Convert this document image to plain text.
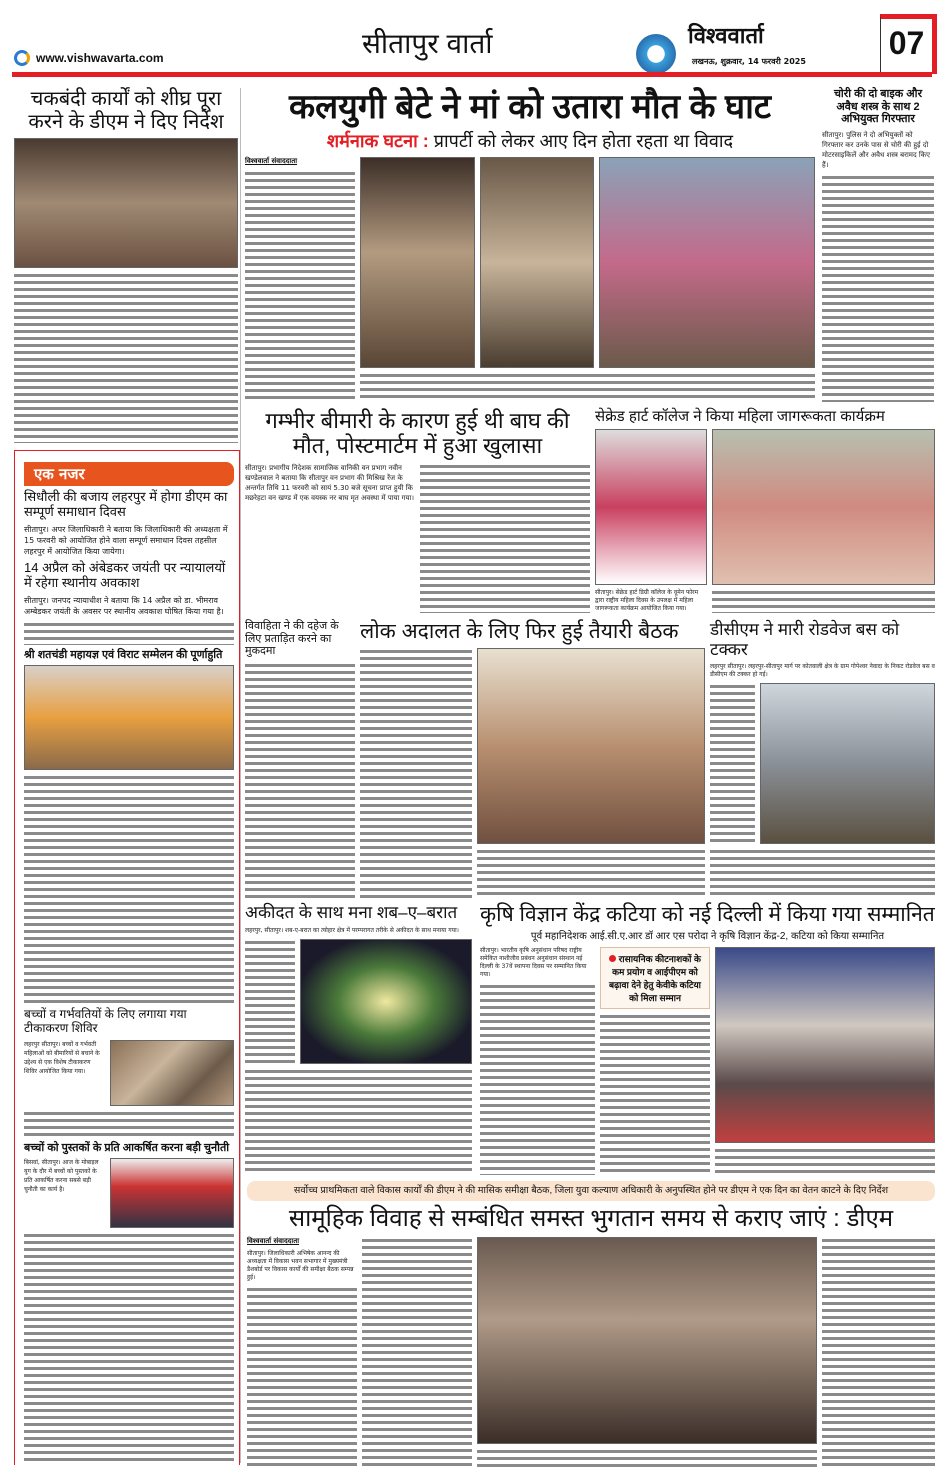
www.vishwavarta.com	सीतापुर वार्ता	विश्ववार्ता
लखनऊ, शुक्रवार, 14 फरवरी 2025
07
चकबंदी कार्यों को शीघ्र पूरा करने के डीएम ने दिए निर्देश	कलयुगी बेटे ने मां को उतारा मौत के घाट
शर्मनाक घटना : प्रापर्टी को लेकर आए दिन होता रहता था विवाद
विश्ववार्ता संवाददाता
चोरी की दो बाइक और अवैध शस्त्र के साथ 2 अभियुक्त गिरफ्तार
सीतापुर। पुलिस ने दो अभियुक्तों को गिरफ्तार कर उनके पास से चोरी की हुई दो मोटरसाइकिलें और अवैध शस्त्र बरामद किए हैं।
एक नजर
सिधौली की बजाय लहरपुर में होगा डीएम का सम्पूर्ण समाधान दिवस
सीतापुर। अपर जिलाधिकारी ने बताया कि जिलाधिकारी की अध्यक्षता में 15 फरवरी को आयोजित होने वाला सम्पूर्ण समाधान दिवस तहसील लहरपुर में आयोजित किया जायेगा।
14 अप्रैल को अंबेडकर जयंती पर न्यायालयों में रहेगा स्थानीय अवकाश
सीतापुर। जनपद न्यायाधीश ने बताया कि 14 अप्रैल को डा. भीमराव अम्बेडकर जयंती के अवसर पर स्थानीय अवकाश घोषित किया गया है।
श्री शतचंडी महायज्ञ एवं विराट सम्मेलन की पूर्णाहुति
बच्चों व गर्भवतियों के लिए लगाया गया टीकाकरण शिविर
लहरपुर सीतापुर। बच्चों व गर्भवती महिलाओं को बीमारियों से बचाने के उद्देश्य से एक विशेष टीकाकरण शिविर आयोजित किया गया।
बच्चों को पुस्तकों के प्रति आकर्षित करना बड़ी चुनौती
बिसवां, सीतापुर। आज के मोबाइल युग के दौर में बच्चों को पुस्तकों के प्रति आकर्षित करना सबसे बड़ी चुनौती का कार्य है।
गम्भीर बीमारी के कारण हुई थी बाघ की मौत, पोस्टमार्टम में हुआ खुलासा
सीतापुर। प्रभागीय निदेशक सामाजिक वानिकी वन प्रभाग नवीन खण्डेलवाल ने बताया कि सीतापुर वन प्रभाग की मिश्रिख रेंज के अन्तर्गत तिथि 11 फरवरी को सायं 5.30 बजे सूचना प्राप्त हुयी कि मछरेहटा वन खण्ड में एक वयस्क नर बाघ मृत अवस्था में पाया गया।
सेक्रेड हार्ट कॉलेज ने किया महिला जागरूकता कार्यक्रम
सीतापुर। सेक्रेड हार्ट डिग्री कॉलेज के वूमेन फोरम द्वारा राष्ट्रीय महिला दिवस के उपलक्ष में महिला जागरूकता कार्यक्रम आयोजित किया गया।
विवाहिता ने की दहेज के लिए प्रताड़ित करने का मुकदमा
लोक अदालत के लिए फिर हुई तैयारी बैठक	डीसीएम ने मारी रोडवेज बस को टक्कर
लहरपुर सीतापुर। लहरपुर-सीतापुर मार्ग पर कोतवाली क्षेत्र के ग्राम गोपेश्वर नेवादा के निकट रोडवेज बस व डीसीएम की टक्कर हो गई।
अकीदत के साथ मना शब–ए–बरात
लहरपुर, सीतापुर। शब-ए-बरात का त्योहार क्षेत्र में परम्परागत तरीके से अकीदत के साथ मनाया गया।
कृषि विज्ञान केंद्र कटिया को नई दिल्ली में किया गया सम्मानित
पूर्व महानिदेशक आई.सी.ए.आर डॉ आर एस परोदा ने कृषि विज्ञान केंद्र-2, कटिया को किया सम्मानित
सीतापुर। भारतीय कृषि अनुसंधान परिषद राष्ट्रीय समेकित नाशीजीव प्रबंधन अनुसंधान संस्थान नई दिल्ली के 37वें स्थापना दिवस पर सम्मानित किया गया।
रासायनिक कीटनाशकों के कम प्रयोग व आईपीएम को बढ़ावा देने हेतु केवीके कटिया को मिला सम्मान
सर्वोच्च प्राथमिकता वाले विकास कार्यों की डीएम ने की मासिक समीक्षा बैठक, जिला युवा कल्याण अधिकारी के अनुपस्थित होने पर डीएम ने एक दिन का वेतन काटने के दिए निर्देश
सामूहिक विवाह से सम्बंधित समस्त भुगतान समय से कराए जाएं : डीएम
विश्ववार्ता संवाददाता
सीतापुर। जिलाधिकारी अभिषेक आनन्द की अध्यक्षता में विकास भवन सभागार में मुख्यमंत्री डैशबोर्ड पर विकास कार्यों की समीक्षा बैठक सम्पन्न हुई।
